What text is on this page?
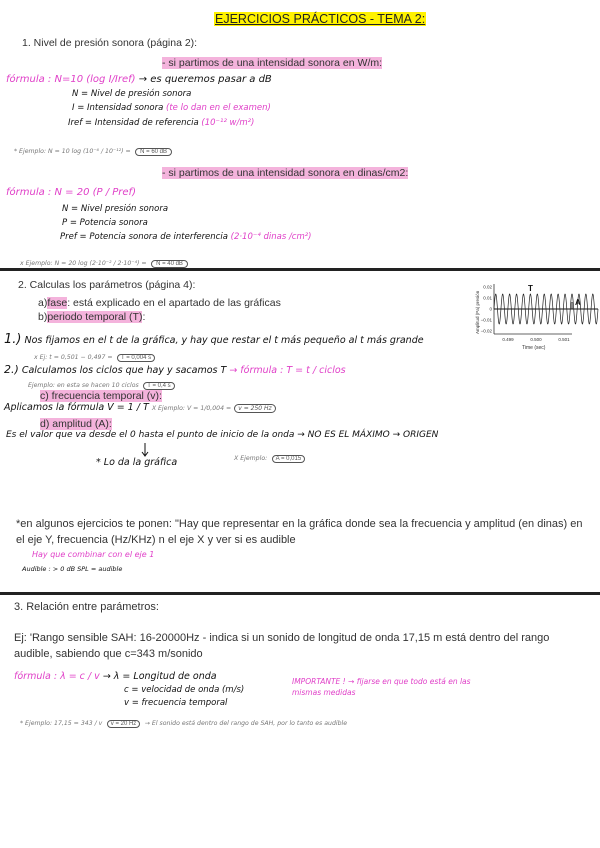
EJERCICIOS PRÁCTICOS - TEMA 2:
1. Nivel de presión sonora (página 2):
- si partimos de una intensidad sonora en W/m:
fórmula : N=10 (log I/Iref) → es queremos pasar a dB
N = Nivel de presión sonora
I = Intensidad sonora (te lo dan en el examen)
Iref = Intensidad de referencia (10⁻¹² w/m²)
* Ejemplo: N = 10 log (10⁻⁶ / 10⁻¹²) = N = 60 dB
- si partimos de una intensidad sonora en dinas/cm2:
fórmula : N = 20 (P / Pref)
N = Nivel presión sonora
P = Potencia sonora
Pref = Potencia sonora de interferencia (2·10⁻⁴ dinas /cm²)
x Ejemplo: N = 20 log (2·10⁻² / 2·10⁻⁴) = N = 40 dB
2. Calculas los parámetros (página 4):
a)fase: está explicado en el apartado de las gráficas
b)periodo temporal (T):
0.02
0.01
0
−0.01
−0.02
0.499	0.500	0.501
T
A
Time (sec)
Amplitud (Pa) presión
1.) Nos fijamos en el t de la gráfica, y hay que restar el t más pequeño al t más grande
x Ej: t = 0,501 − 0,497 = T = 0,004 s
2.) Calculamos los ciclos que hay y sacamos T → fórmula : T = t / ciclos
Ejemplo: en esta se hacen 10 ciclos T = 0,4 s
c) frecuencia temporal (v):
Aplicamos la fórmula V = 1 / T X Ejemplo: V = 1/0,004 = v = 250 Hz
d) amplitud (A):
Es el valor que va desde el 0 hasta el punto de inicio de la onda → NO ES EL MÁXIMO → ORIGEN
* Lo da la gráfica	X Ejemplo: A = 0,015
*en algunos ejercicios te ponen: "Hay que representar en la gráfica donde sea la frecuencia y amplitud (en dinas) en el eje Y, frecuencia (Hz/KHz) n el eje X y ver si es audible
Hay que combinar con el eje 1
Audible : > 0 dB SPL = audible
3. Relación entre parámetros:
Ej: 'Rango sensible SAH: 16-20000Hz - indica si un sonido de longitud de onda 17,15 m está dentro del rango audible, sabiendo que c=343 m/sonido
fórmula : λ = c / v → λ = Longitud de onda
c = velocidad de onda (m/s)
v = frecuencia temporal
IMPORTANTE ! → fijarse en que todo está en las mismas medidas
* Ejemplo: 17,15 = 343 / v v = 20 Hz → El sonido está dentro del rango de SAH, por lo tanto es audible
